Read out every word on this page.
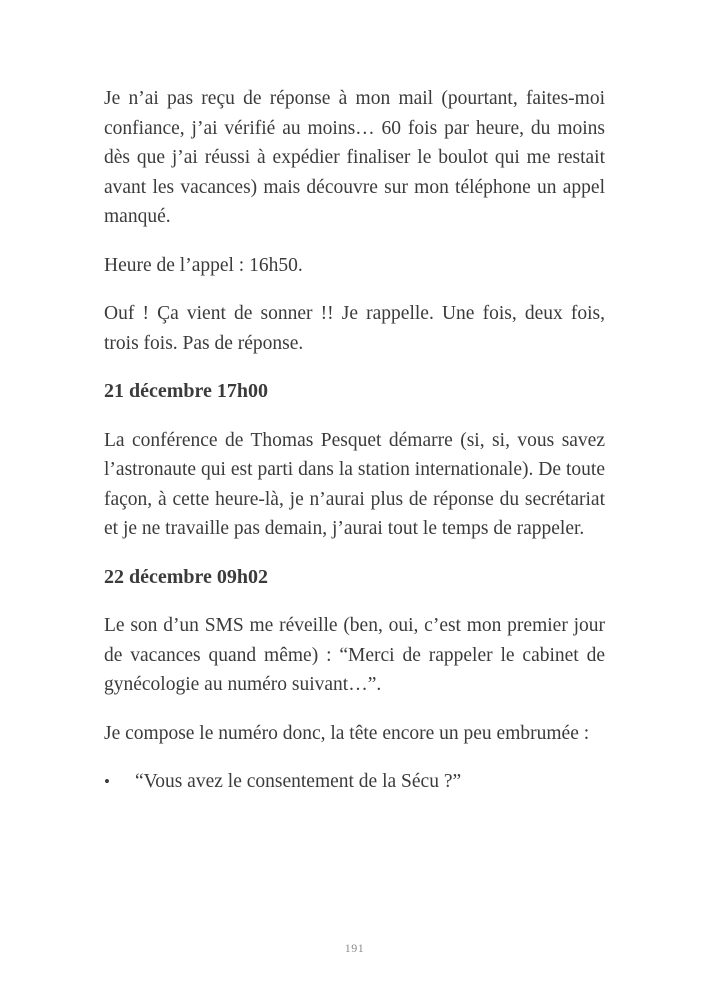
Je n’ai pas reçu de réponse à mon mail (pourtant, faites-moi confiance, j’ai vérifié au moins… 60 fois par heure, du moins dès que j’ai réussi à expédier finaliser le boulot qui me restait avant les vacances) mais découvre sur mon téléphone un appel manqué.

Heure de l’appel : 16h50.

Ouf ! Ça vient de sonner !! Je rappelle. Une fois, deux fois, trois fois. Pas de réponse.

21 décembre 17h00

La conférence de Thomas Pesquet démarre (si, si, vous savez l’astronaute qui est parti dans la station internationale). De toute façon, à cette heure-là, je n’aurai plus de réponse du secrétariat et je ne travaille pas demain, j’aurai tout le temps de rappeler.

22 décembre 09h02

Le son d’un SMS me réveille (ben, oui, c’est mon premier jour de vacances quand même) : “Merci de rappeler le cabinet de gynécologie au numéro suivant…”.

Je compose le numéro donc, la tête encore un peu embrumée :

•	“Vous avez le consentement de la Sécu ?”
191
